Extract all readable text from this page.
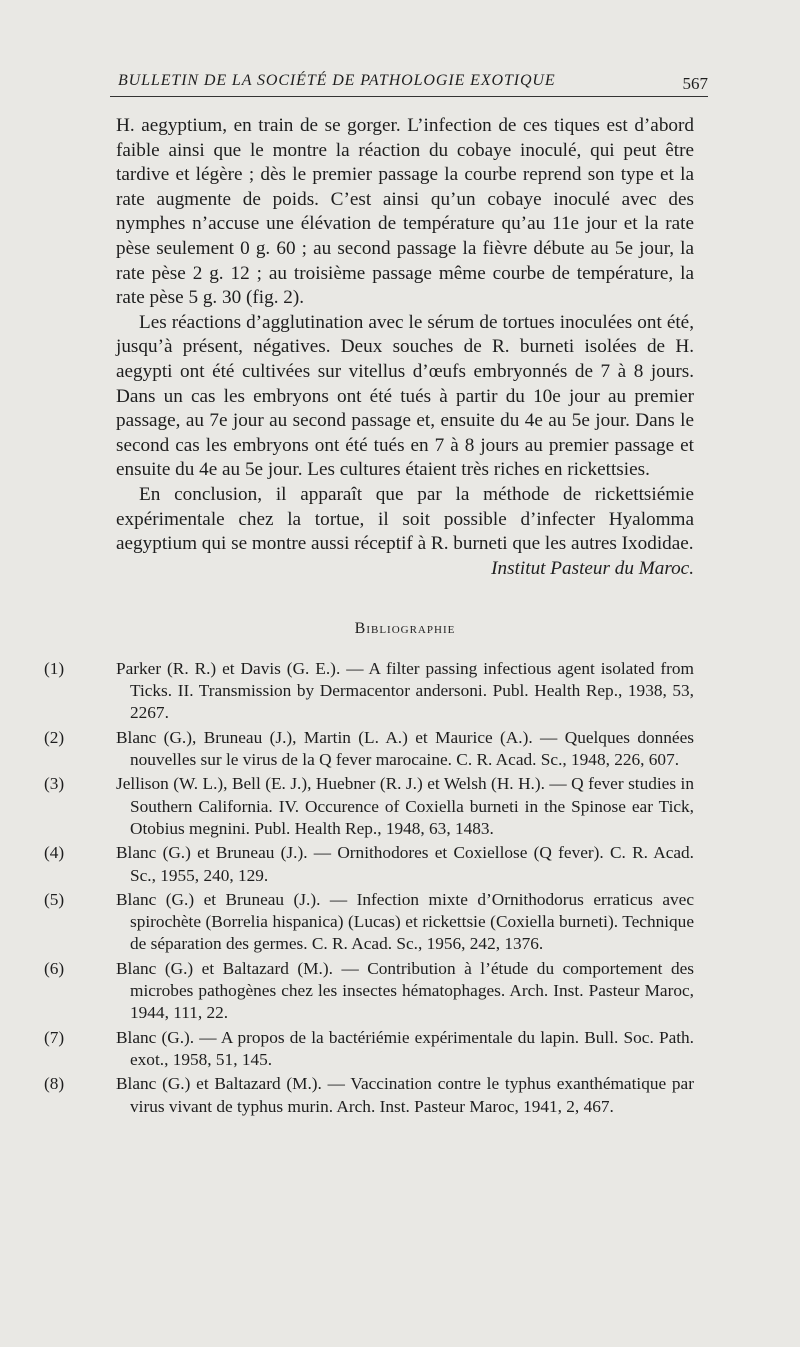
BULLETIN DE LA SOCIÉTÉ DE PATHOLOGIE EXOTIQUE	567

H. aegyptium, en train de se gorger. L’infection de ces tiques est d’abord faible ainsi que le montre la réaction du cobaye inoculé, qui peut être tardive et légère ; dès le premier passage la courbe reprend son type et la rate augmente de poids. C’est ainsi qu’un cobaye inoculé avec des nymphes n’accuse une élévation de température qu’au 11e jour et la rate pèse seulement 0 g. 60 ; au second passage la fièvre débute au 5e jour, la rate pèse 2 g. 12 ; au troisième passage même courbe de température, la rate pèse 5 g. 30 (fig. 2).

Les réactions d’agglutination avec le sérum de tortues inoculées ont été, jusqu’à présent, négatives. Deux souches de R. burneti isolées de H. aegypti ont été cultivées sur vitellus d’œufs embryonnés de 7 à 8 jours. Dans un cas les embryons ont été tués à partir du 10e jour au premier passage, au 7e jour au second passage et, ensuite du 4e au 5e jour. Dans le second cas les embryons ont été tués en 7 à 8 jours au premier passage et ensuite du 4e au 5e jour. Les cultures étaient très riches en rickettsies.

En conclusion, il apparaît que par la méthode de rickettsiémie expérimentale chez la tortue, il soit possible d’infecter Hyalomma aegyptium qui se montre aussi réceptif à R. burneti que les autres Ixodidae.

Institut Pasteur du Maroc.

Bibliographie
(1)	Parker (R. R.) et Davis (G. E.). — A filter passing infectious agent isolated from Ticks. II. Transmission by Dermacentor andersoni. Publ. Health Rep., 1938, 53, 2267.
(2)	Blanc (G.), Bruneau (J.), Martin (L. A.) et Maurice (A.). — Quelques données nouvelles sur le virus de la Q fever marocaine. C. R. Acad. Sc., 1948, 226, 607.
(3)	Jellison (W. L.), Bell (E. J.), Huebner (R. J.) et Welsh (H. H.). — Q fever studies in Southern California. IV. Occurence of Coxiella burneti in the Spinose ear Tick, Otobius megnini. Publ. Health Rep., 1948, 63, 1483.
(4)	Blanc (G.) et Bruneau (J.). — Ornithodores et Coxiellose (Q fever). C. R. Acad. Sc., 1955, 240, 129.
(5)	Blanc (G.) et Bruneau (J.). — Infection mixte d’Ornithodorus erraticus avec spirochète (Borrelia hispanica) (Lucas) et rickettsie (Coxiella burneti). Technique de séparation des germes. C. R. Acad. Sc., 1956, 242, 1376.
(6)	Blanc (G.) et Baltazard (M.). — Contribution à l’étude du comportement des microbes pathogènes chez les insectes hématophages. Arch. Inst. Pasteur Maroc, 1944, 111, 22.
(7)	Blanc (G.). — A propos de la bactériémie expérimentale du lapin. Bull. Soc. Path. exot., 1958, 51, 145.
(8)	Blanc (G.) et Baltazard (M.). — Vaccination contre le typhus exanthématique par virus vivant de typhus murin. Arch. Inst. Pasteur Maroc, 1941, 2, 467.
